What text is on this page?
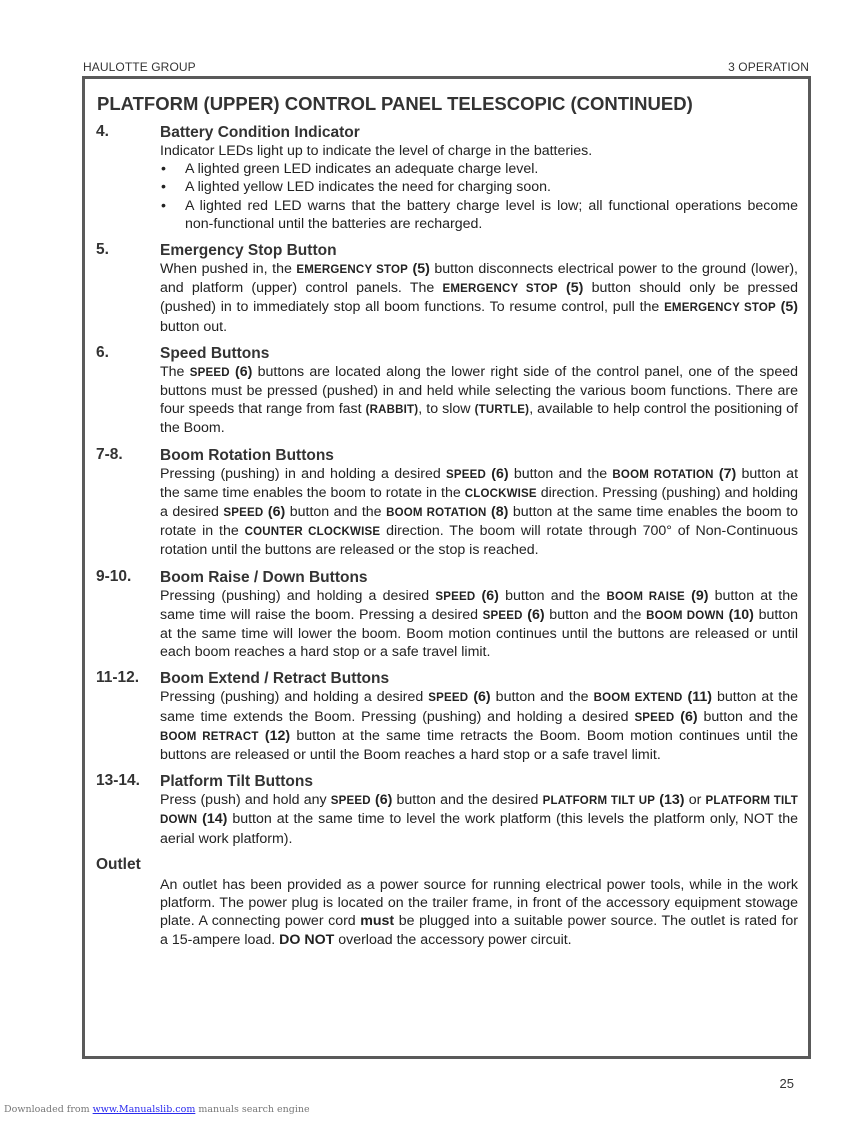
HAULOTTE GROUP	3 OPERATION
PLATFORM (UPPER) CONTROL PANEL TELESCOPIC (CONTINUED)
4.	Battery Condition Indicator
Indicator LEDs light up to indicate the level of charge in the batteries.
• A lighted green LED indicates an adequate charge level.
• A lighted yellow LED indicates the need for charging soon.
• A lighted red LED warns that the battery charge level is low; all functional operations become non-functional until the batteries are recharged.
5.	Emergency Stop Button
When pushed in, the EMERGENCY STOP (5) button disconnects electrical power to the ground (lower), and platform (upper) control panels. The EMERGENCY STOP (5) button should only be pressed (pushed) in to immediately stop all boom functions. To resume control, pull the EMERGENCY STOP (5) button out.
6.	Speed Buttons
The SPEED (6) buttons are located along the lower right side of the control panel, one of the speed buttons must be pressed (pushed) in and held while selecting the various boom functions. There are four speeds that range from fast (RABBIT), to slow (TURTLE), available to help control the positioning of the Boom.
7-8. Boom Rotation Buttons
Pressing (pushing) in and holding a desired SPEED (6) button and the BOOM ROTATION (7) button at the same time enables the boom to rotate in the CLOCKWISE direction. Pressing (pushing) and holding a desired SPEED (6) button and the BOOM ROTATION (8) button at the same time enables the boom to rotate in the COUNTER CLOCKWISE direction. The boom will rotate through 700° of Non-Continuous rotation until the buttons are released or the stop is reached.
9-10. Boom Raise / Down Buttons
Pressing (pushing) and holding a desired SPEED (6) button and the BOOM RAISE (9) button at the same time will raise the boom. Pressing a desired SPEED (6) button and the BOOM DOWN (10) button at the same time will lower the boom. Boom motion continues until the buttons are released or until each boom reaches a hard stop or a safe travel limit.
11-12. Boom Extend / Retract Buttons
Pressing (pushing) and holding a desired SPEED (6) button and the BOOM EXTEND (11) button at the same time extends the Boom. Pressing (pushing) and holding a desired SPEED (6) button and the BOOM RETRACT (12) button at the same time retracts the Boom. Boom motion continues until the buttons are released or until the Boom reaches a hard stop or a safe travel limit.
13-14. Platform Tilt Buttons
Press (push) and hold any SPEED (6) button and the desired PLATFORM TILT UP (13) or PLATFORM TILT DOWN (14) button at the same time to level the work platform (this levels the platform only, NOT the aerial work platform).
Outlet

An outlet has been provided as a power source for running electrical power tools, while in the work platform. The power plug is located on the trailer frame, in front of the accessory equipment stowage plate. A connecting power cord must be plugged into a suitable power source. The outlet is rated for a 15-ampere load. DO NOT overload the accessory power circuit.
25
Downloaded from www.Manualslib.com manuals search engine
